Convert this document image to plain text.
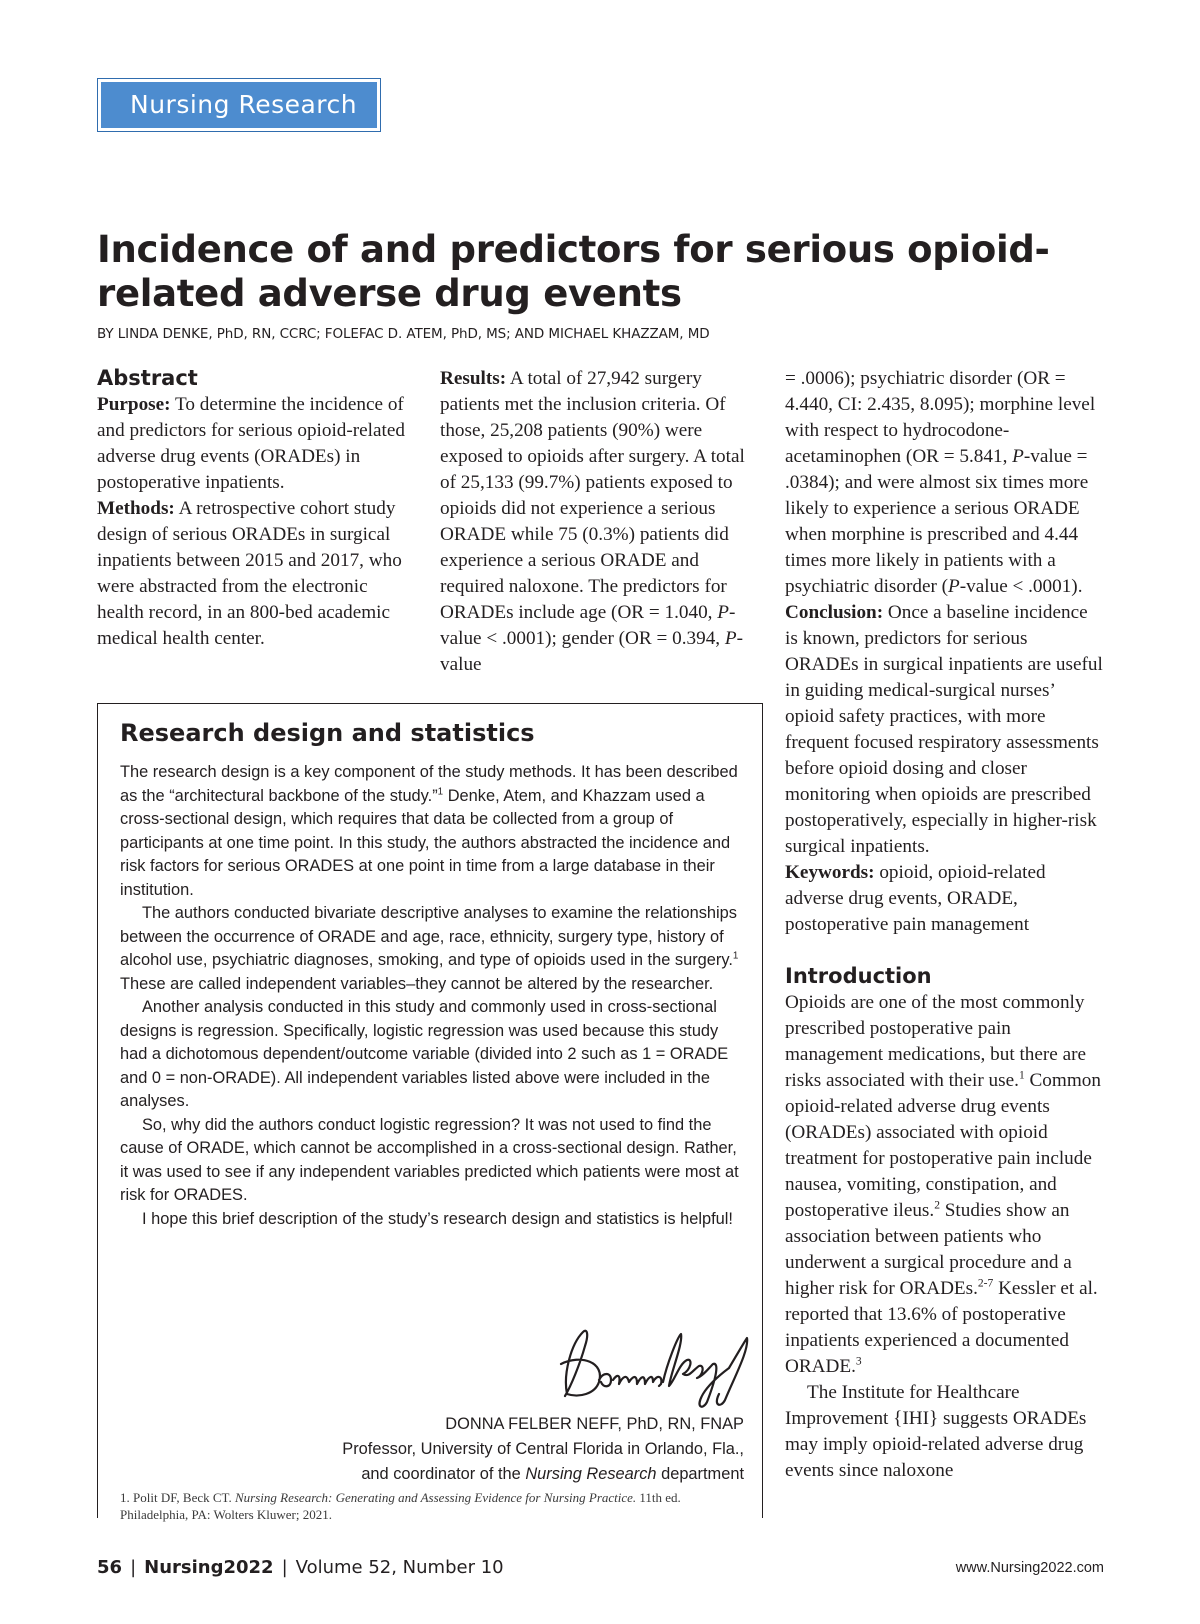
Nursing Research
Incidence of and predictors for serious opioid-related adverse drug events
BY LINDA DENKE, PhD, RN, CCRC; FOLEFAC D. ATEM, PhD, MS; AND MICHAEL KHAZZAM, MD

Abstract

Purpose: To determine the incidence of and predictors for serious opioid-related adverse drug events (ORADEs) in postoperative inpatients.

Methods: A retrospective cohort study design of serious ORADEs in surgical inpatients between 2015 and 2017, who were abstracted from the electronic health record, in an 800-bed academic medical health center.

Results: A total of 27,942 surgery patients met the inclusion criteria. Of those, 25,208 patients (90%) were exposed to opioids after surgery. A total of 25,133 (99.7%) patients exposed to opioids did not experience a serious ORADE while 75 (0.3%) patients did experience a serious ORADE and required naloxone. The predictors for ORADEs include age (OR = 1.040, P-value < .0001); gender (OR = 0.394, P-value

= .0006); psychiatric disorder (OR = 4.440, CI: 2.435, 8.095); morphine level with respect to hydrocodone-acetaminophen (OR = 5.841, P-value = .0384); and were almost six times more likely to experience a serious ORADE when morphine is prescribed and 4.44 times more likely in patients with a psychiatric disorder (P-value < .0001).

Conclusion: Once a baseline incidence is known, predictors for serious ORADEs in surgical inpatients are useful in guiding medical-surgical nurses’ opioid safety practices, with more frequent focused respiratory assessments before opioid dosing and closer monitoring when opioids are prescribed postoperatively, especially in higher-risk surgical inpatients.

Keywords: opioid, opioid-related adverse drug events, ORADE, postoperative pain management

Introduction

Opioids are one of the most commonly prescribed postoperative pain management medications, but there are risks associated with their use.$^1$ Common opioid-related adverse drug events (ORADEs) associated with opioid treatment for postoperative pain include nausea, vomiting, constipation, and postoperative ileus.$^2$ Studies show an association between patients who underwent a surgical procedure and a higher risk for ORADEs.$^{2-7}$ Kessler et al. reported that 13.6% of postoperative inpatients experienced a documented ORADE.$^3$

The Institute for Healthcare Improvement {IHI} suggests ORADEs may imply opioid-related adverse drug events since naloxone

Research design and statistics

The research design is a key component of the study methods. It has been described as the “architectural backbone of the study.”$^1$ Denke, Atem, and Khazzam used a cross-sectional design, which requires that data be collected from a group of participants at one time point. In this study, the authors abstracted the incidence and risk factors for serious ORADES at one point in time from a large database in their institution.

The authors conducted bivariate descriptive analyses to examine the relationships between the occurrence of ORADE and age, race, ethnicity, surgery type, history of alcohol use, psychiatric diagnoses, smoking, and type of opioids used in the surgery.$^1$ These are called independent variables–they cannot be altered by the researcher.

Another analysis conducted in this study and commonly used in cross-sectional designs is regression. Specifically, logistic regression was used because this study had a dichotomous dependent/outcome variable (divided into 2 such as 1 = ORADE and 0 = non-ORADE). All independent variables listed above were included in the analyses.

So, why did the authors conduct logistic regression? It was not used to find the cause of ORADE, which cannot be accomplished in a cross-sectional design. Rather, it was used to see if any independent variables predicted which patients were most at risk for ORADES.

I hope this brief description of the study’s research design and statistics is helpful!

DONNA FELBER NEFF, PhD, RN, FNAP

Professor, University of Central Florida in Orlando, Fla.,

and coordinator of the Nursing Research department

1. Polit DF, Beck CT. Nursing Research: Generating and Assessing Evidence for Nursing Practice. 11th ed. Philadelphia, PA: Wolters Kluwer; 2021.
56 | Nursing2022 | Volume 52, Number 10	www.Nursing2022.com
